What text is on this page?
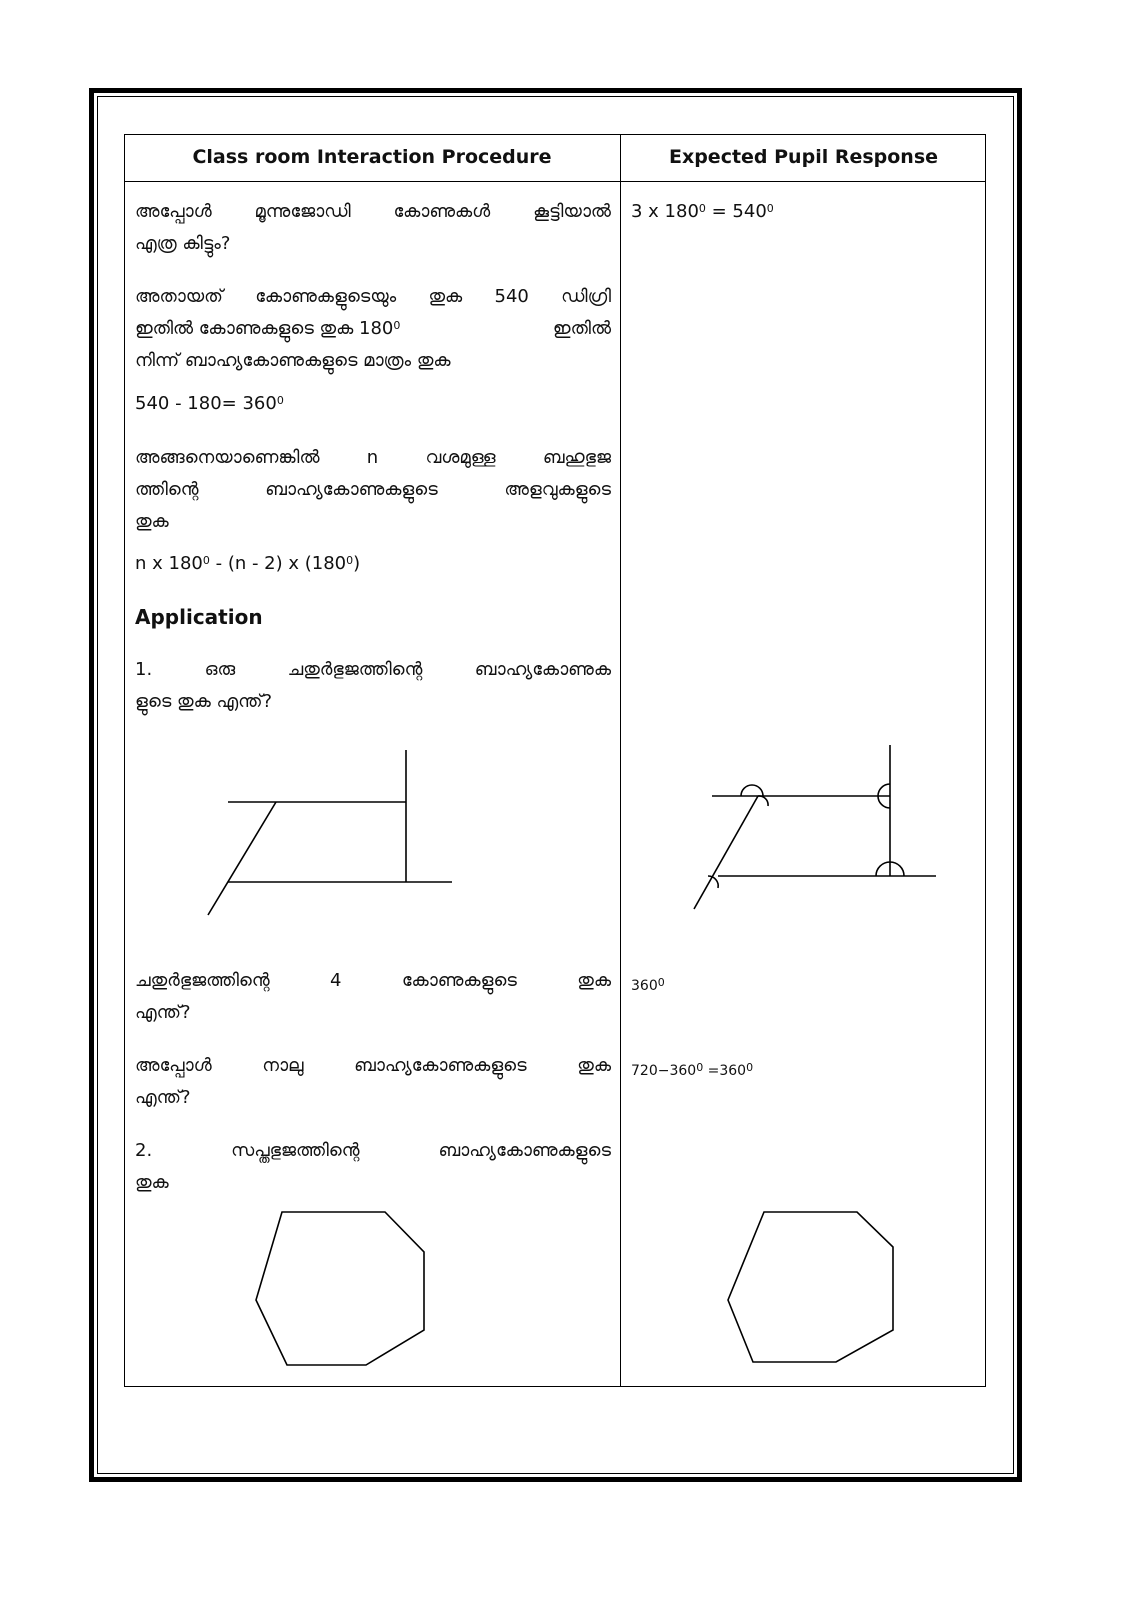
Class room Interaction Procedure	Expected Pupil Response
അപ്പോൾ മൂന്നുജോഡി കോണുകൾ കൂട്ടിയാൽ
എത്ര കിട്ടും?
അതായത് കോണുകളുടെയും തുക 540 ഡിഗ്രി
ഇതിൽ കോണുകളുടെ തുക $180^0$	ഇതിൽ
നിന്ന് ബാഹ്യകോണുകളുടെ മാത്രം തുക
$540 - 180= 360^0$
അങ്ങനെയാണെങ്കിൽ n വശമുള്ള ബഹുഭുജ
ത്തിന്റെ ബാഹ്യകോണുകളുടെ അളവുകളുടെ
തുക
n x $180^0 - (n - 2)$ x $(180^0)$
Application
1. ഒരു ചതുർഭുജത്തിന്റെ ബാഹ്യകോണുക
ളുടെ തുക എന്ത്?
ചതുർഭുജത്തിന്റെ 4 കോണുകളുടെ തുക
എന്ത്?
അപ്പോൾ നാലു ബാഹ്യകോണുകളുടെ തുക
എന്ത്?
2. സപ്തഭുജത്തിന്റെ ബാഹ്യകോണുകളുടെ
തുക
3 x $180^0 = 540^0$
$360^0$
$720-360^0 =360^0$
